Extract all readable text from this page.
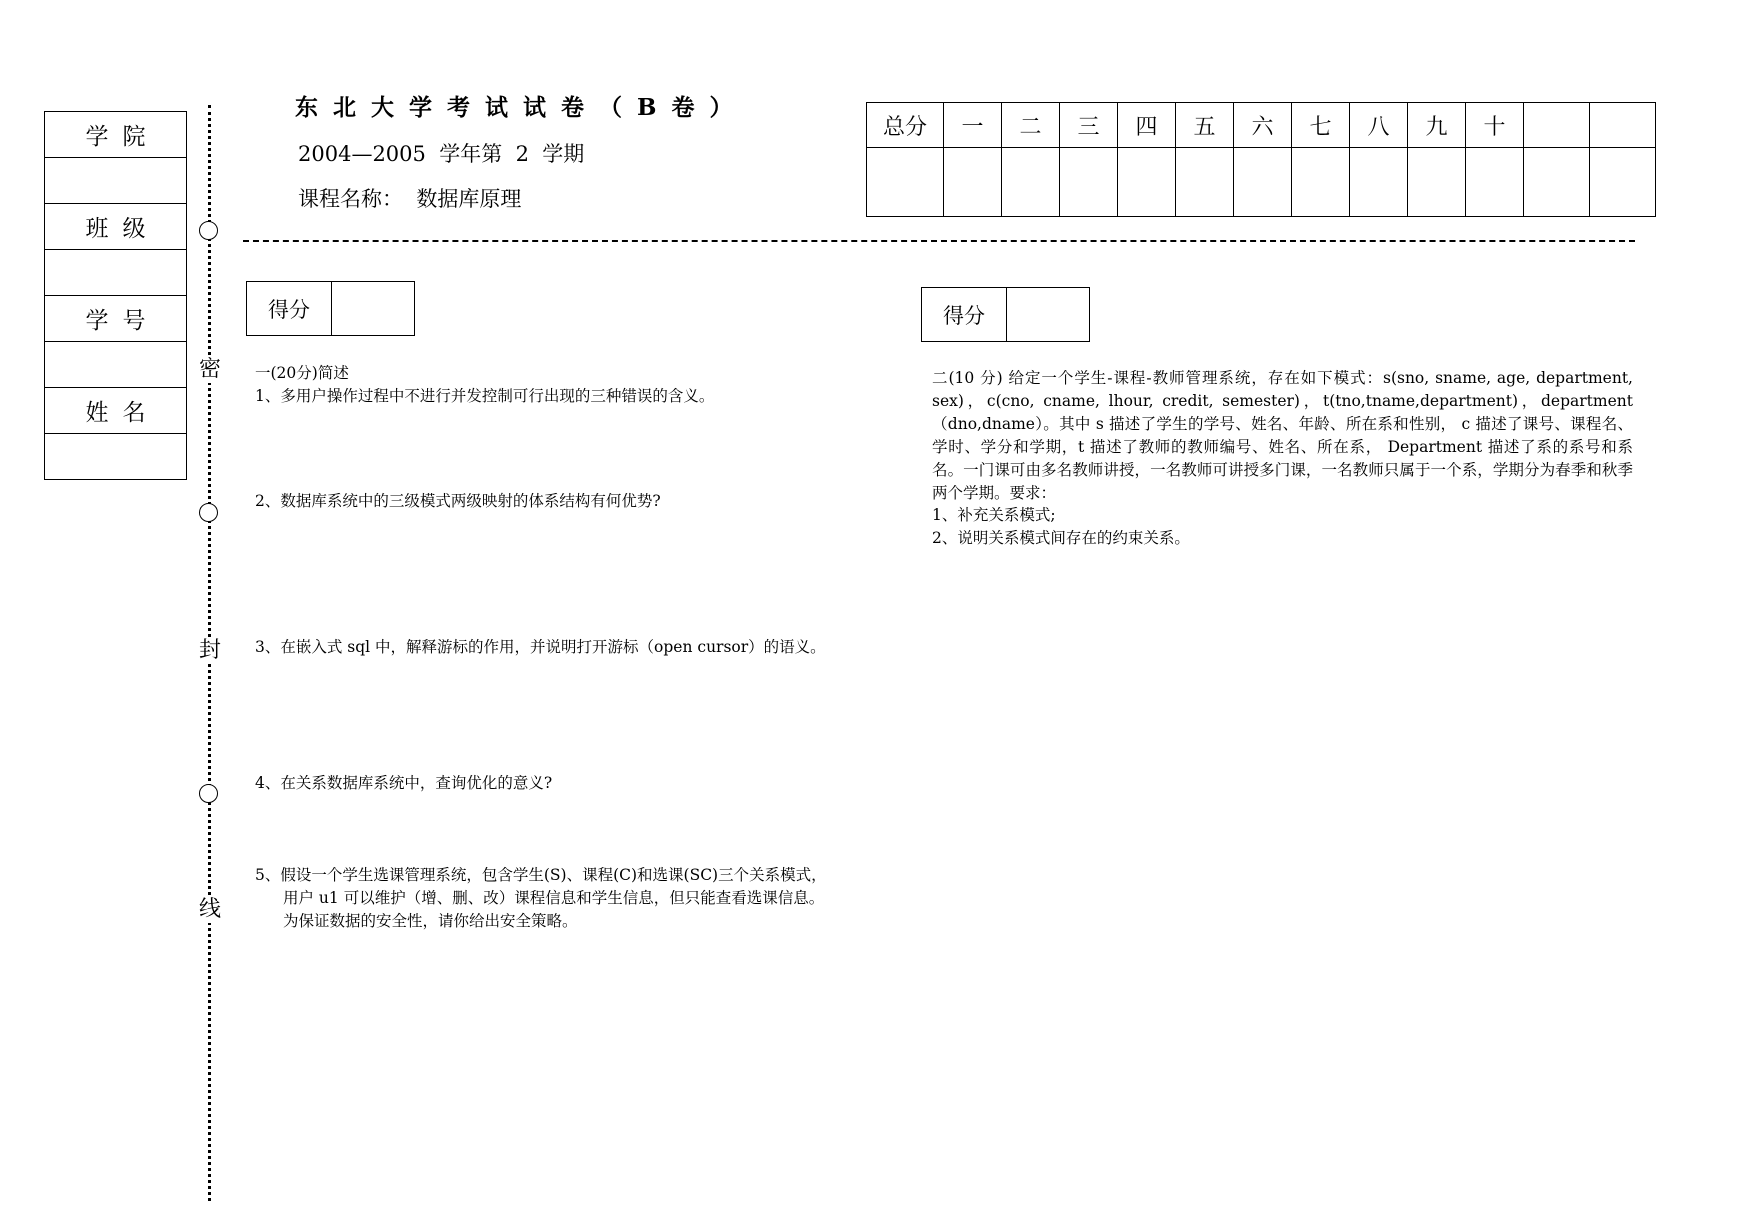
学院

班级

学号

姓名

密
封
线
东北大学考试试卷（B卷）
2004—2005  学年第  2  学期
课程名称：  数据库原理
总分	一	二	三	四	五	六	七	八	九	十		

得分	
一(20分)简述
1、多用户操作过程中不进行并发控制可行出现的三种错误的含义。
2、数据库系统中的三级模式两级映射的体系结构有何优势?
3、在嵌入式 sql 中，解释游标的作用，并说明打开游标（open cursor）的语义。
4、在关系数据库系统中，查询优化的意义?
5、假设一个学生选课管理系统，包含学生(S)、课程(C)和选课(SC)三个关系模式，
用户 u1 可以维护（增、删、改）课程信息和学生信息，但只能查看选课信息。
为保证数据的安全性，请你给出安全策略。
得分	
二(10 分) 给定一个学生-课程-教师管理系统，存在如下模式：s(sno, sname, age, department, sex)，c(cno, cname, lhour, credit, semester)，t(tno,tname,department)，department（dno,dname）。其中 s 描述了学生的学号、姓名、年龄、所在系和性别， c 描述了课号、课程名、学时、学分和学期，t 描述了教师的教师编号、姓名、所在系， Department 描述了系的系号和系名。一门课可由多名教师讲授，一名教师可讲授多门课，一名教师只属于一个系，学期分为春季和秋季两个学期。要求：
1、补充关系模式;
2、说明关系模式间存在的约束关系。
